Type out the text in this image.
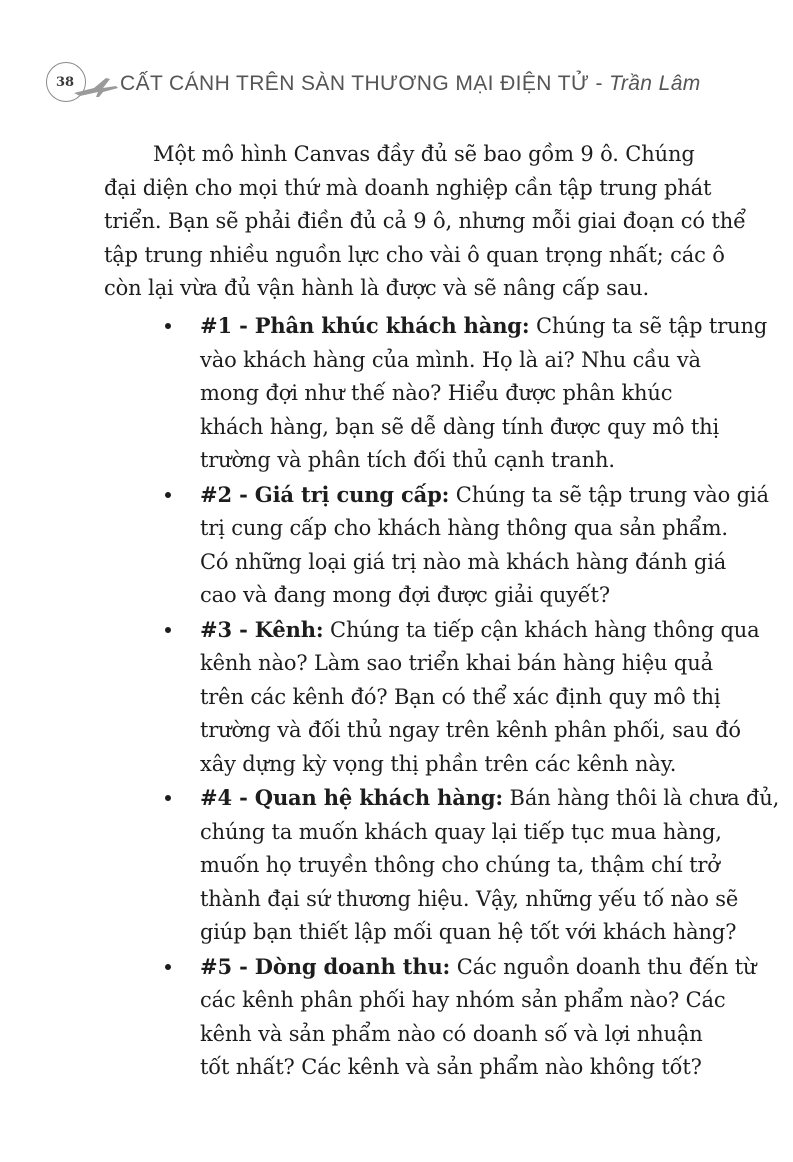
38 CẤT CÁNH TRÊN SÀN THƯƠNG MẠI ĐIỆN TỬ - Trần Lâm

Một mô hình Canvas đầy đủ sẽ bao gồm 9 ô. Chúng
đại diện cho mọi thứ mà doanh nghiệp cần tập trung phát
triển. Bạn sẽ phải điền đủ cả 9 ô, nhưng mỗi giai đoạn có thể
tập trung nhiều nguồn lực cho vài ô quan trọng nhất; các ô
còn lại vừa đủ vận hành là được và sẽ nâng cấp sau.

#1 - Phân khúc khách hàng: Chúng ta sẽ tập trung
vào khách hàng của mình. Họ là ai? Nhu cầu và
mong đợi như thế nào? Hiểu được phân khúc
khách hàng, bạn sẽ dễ dàng tính được quy mô thị
trường và phân tích đối thủ cạnh tranh.
#2 - Giá trị cung cấp: Chúng ta sẽ tập trung vào giá
trị cung cấp cho khách hàng thông qua sản phẩm.
Có những loại giá trị nào mà khách hàng đánh giá
cao và đang mong đợi được giải quyết?
#3 - Kênh: Chúng ta tiếp cận khách hàng thông qua
kênh nào? Làm sao triển khai bán hàng hiệu quả
trên các kênh đó? Bạn có thể xác định quy mô thị
trường và đối thủ ngay trên kênh phân phối, sau đó
xây dựng kỳ vọng thị phần trên các kênh này.
#4 - Quan hệ khách hàng: Bán hàng thôi là chưa đủ,
chúng ta muốn khách quay lại tiếp tục mua hàng,
muốn họ truyền thông cho chúng ta, thậm chí trở
thành đại sứ thương hiệu. Vậy, những yếu tố nào sẽ
giúp bạn thiết lập mối quan hệ tốt với khách hàng?
#5 - Dòng doanh thu: Các nguồn doanh thu đến từ
các kênh phân phối hay nhóm sản phẩm nào? Các
kênh và sản phẩm nào có doanh số và lợi nhuận
tốt nhất? Các kênh và sản phẩm nào không tốt?
